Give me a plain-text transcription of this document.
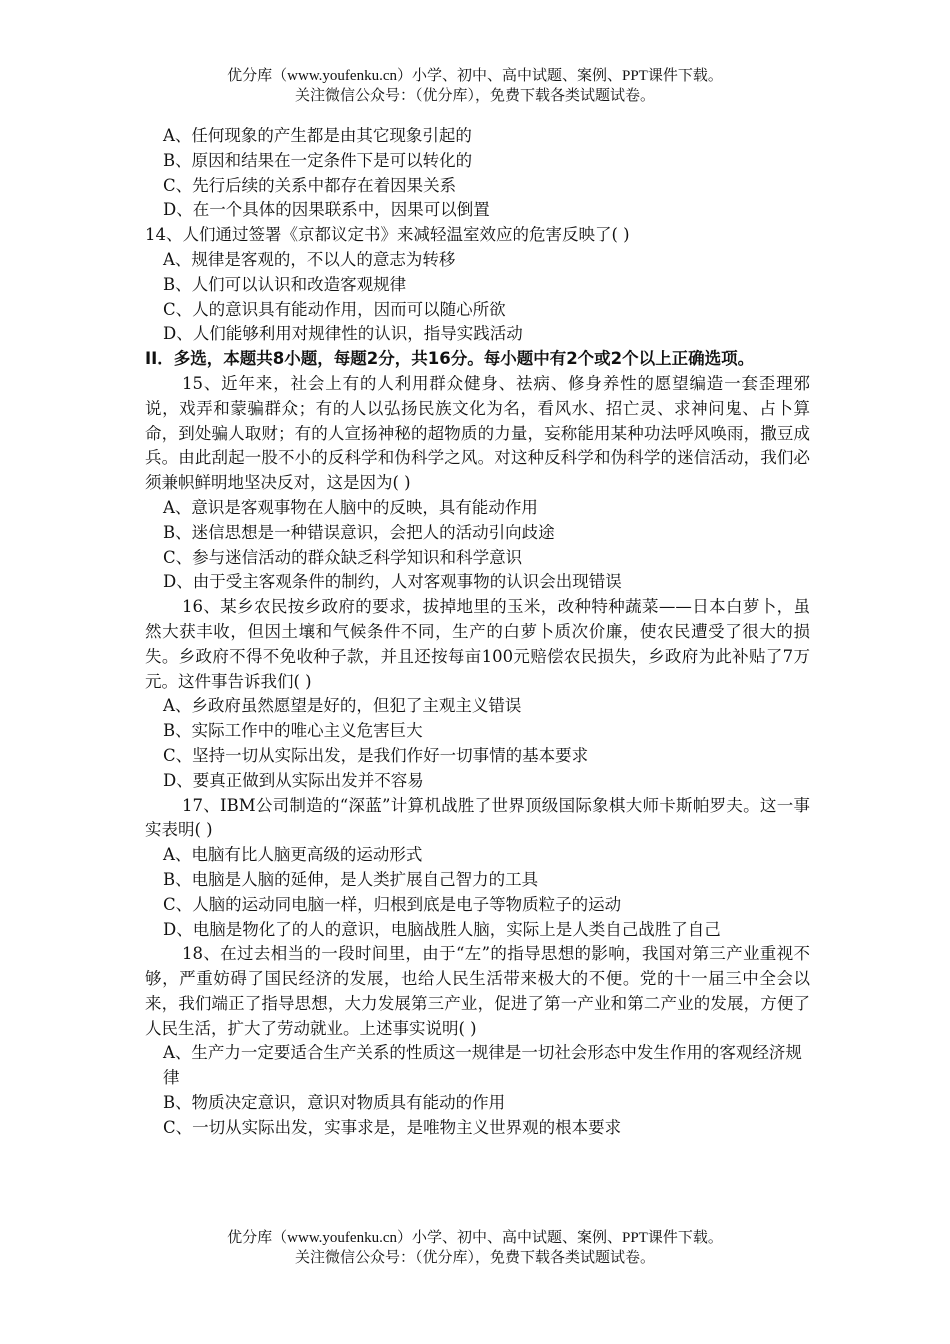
优分库（www.youfenku.cn）小学、初中、高中试题、案例、PPT课件下载。
关注微信公众号：（优分库），免费下载各类试题试卷。
A、任何现象的产生都是由其它现象引起的
B、原因和结果在一定条件下是可以转化的
C、先行后续的关系中都存在着因果关系
D、在一个具体的因果联系中，因果可以倒置
14、人们通过签署《京都议定书》来减轻温室效应的危害反映了( )
A、规律是客观的，不以人的意志为转移
B、人们可以认识和改造客观规律
C、人的意识具有能动作用，因而可以随心所欲
D、人们能够利用对规律性的认识，指导实践活动
II．多选，本题共8小题，每题2分，共16分。每小题中有2个或2个以上正确选项。
15、近年来，社会上有的人利用群众健身、祛病、修身养性的愿望编造一套歪理邪说，戏弄和蒙骗群众；有的人以弘扬民族文化为名，看风水、招亡灵、求神问鬼、占卜算命，到处骗人取财；有的人宣扬神秘的超物质的力量，妄称能用某种功法呼风唤雨，撒豆成兵。由此刮起一股不小的反科学和伪科学之风。对这种反科学和伪科学的迷信活动，我们必须兼帜鲜明地坚决反对，这是因为( )
A、意识是客观事物在人脑中的反映，具有能动作用
B、迷信思想是一种错误意识，会把人的活动引向歧途
C、参与迷信活动的群众缺乏科学知识和科学意识
D、由于受主客观条件的制约，人对客观事物的认识会出现错误
16、某乡农民按乡政府的要求，拔掉地里的玉米，改种特种蔬菜——日本白萝卜，虽然大获丰收，但因土壤和气候条件不同，生产的白萝卜质次价廉，使农民遭受了很大的损失。乡政府不得不免收种子款，并且还按每亩100元赔偿农民损失，乡政府为此补贴了7万元。这件事告诉我们( )
A、乡政府虽然愿望是好的，但犯了主观主义错误
B、实际工作中的唯心主义危害巨大
C、坚持一切从实际出发，是我们作好一切事情的基本要求
D、要真正做到从实际出发并不容易
17、IBM公司制造的“深蓝”计算机战胜了世界顶级国际象棋大师卡斯帕罗夫。这一事实表明( )
A、电脑有比人脑更高级的运动形式
B、电脑是人脑的延伸，是人类扩展自己智力的工具
C、人脑的运动同电脑一样，归根到底是电子等物质粒子的运动
D、电脑是物化了的人的意识，电脑战胜人脑，实际上是人类自己战胜了自己
18、在过去相当的一段时间里，由于“左”的指导思想的影响，我国对第三产业重视不够，严重妨碍了国民经济的发展，也给人民生活带来极大的不便。党的十一届三中全会以来，我们端正了指导思想，大力发展第三产业，促进了第一产业和第二产业的发展，方便了人民生活，扩大了劳动就业。上述事实说明( )
A、生产力一定要适合生产关系的性质这一规律是一切社会形态中发生作用的客观经济规律
B、物质决定意识，意识对物质具有能动的作用
C、一切从实际出发，实事求是，是唯物主义世界观的根本要求
优分库（www.youfenku.cn）小学、初中、高中试题、案例、PPT课件下载。
关注微信公众号：（优分库），免费下载各类试题试卷。
